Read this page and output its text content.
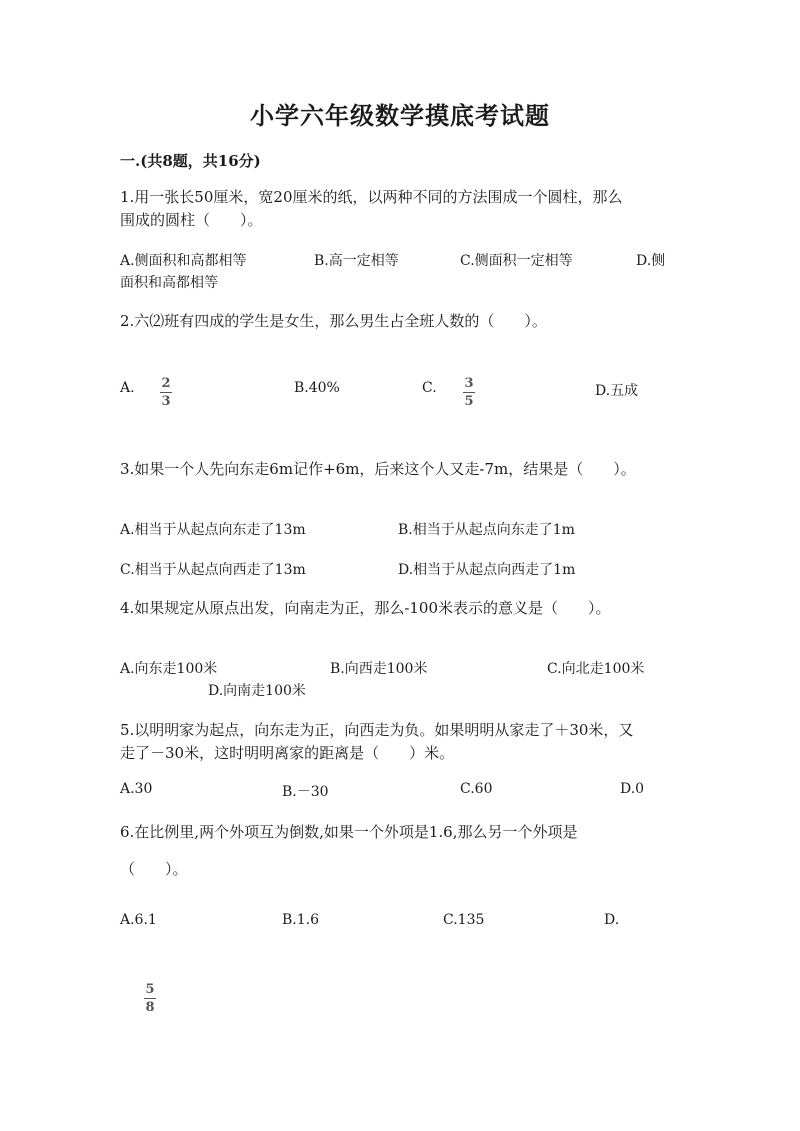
小学六年级数学摸底考试题
一.(共8题，共16分)
1.用一张长50厘米，宽20厘米的纸，以两种不同的方法围成一个圆柱，那么
围成的圆柱（　　）。
A.侧面积和高都相等	B.高一定相等	C.侧面积一定相等	D.侧
面积和高都相等
2.六⑵班有四成的学生是女生，那么男生占全班人数的（　　）。
A. $\frac{2}{3}$	B.40%	C. $\frac{3}{5}$	D.五成
3.如果一个人先向东走6m记作+6m，后来这个人又走-7m，结果是（　　）。
A.相当于从起点向东走了13m	B.相当于从起点向东走了1m
C.相当于从起点向西走了13m	D.相当于从起点向西走了1m
4.如果规定从原点出发，向南走为正，那么-100米表示的意义是（　　）。
A.向东走100米	B.向西走100米	C.向北走100米
D.向南走100米
5.以明明家为起点，向东走为正，向西走为负。如果明明从家走了＋30米，又
走了－30米，这时明明离家的距离是（　　）米。
A.30	B.－30	C.60	D.0
6.在比例里,两个外项互为倒数,如果一个外项是1.6,那么另一个外项是
（　　）。
A.6.1	B.1.6	C.135	D.
$\frac{5}{8}$
